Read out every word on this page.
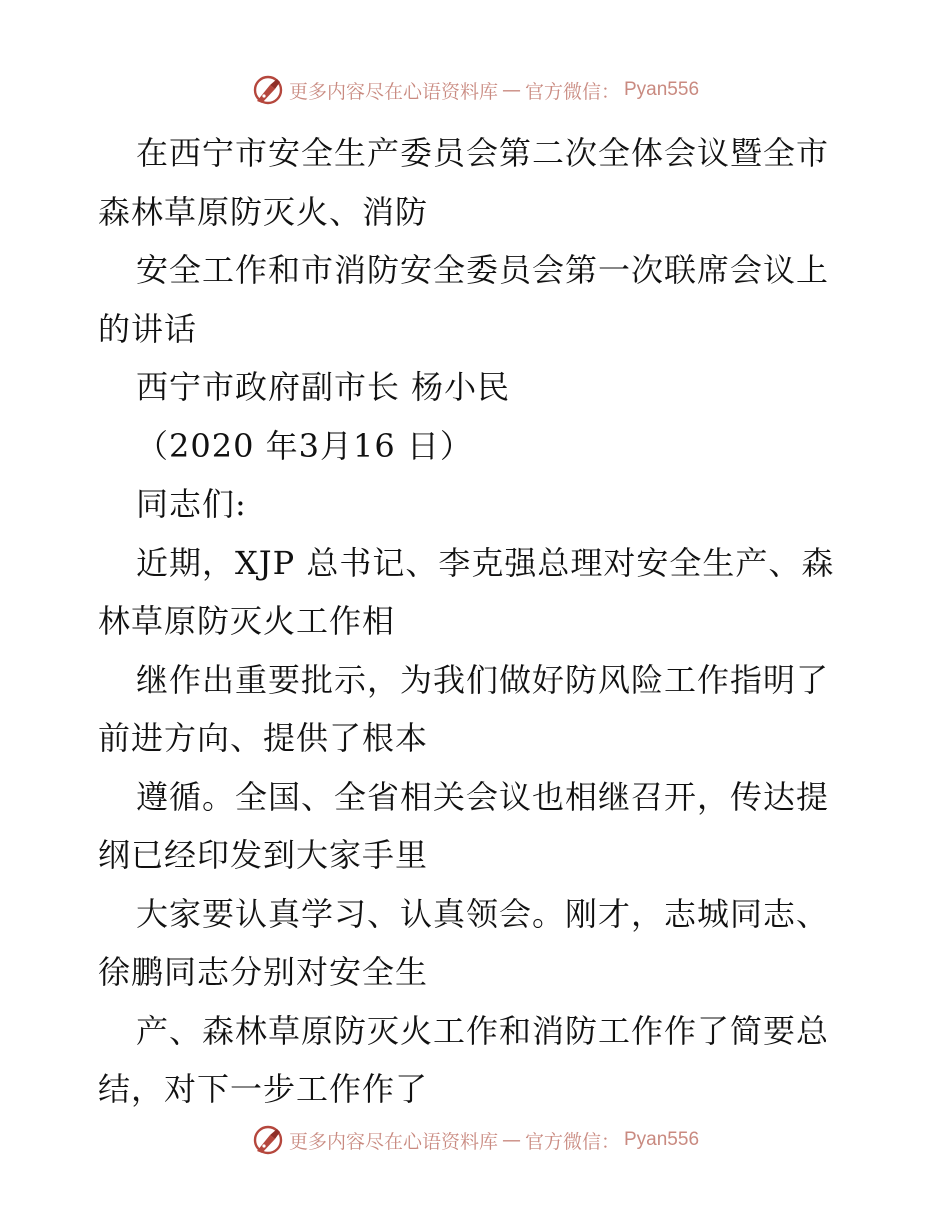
更多内容尽在心语资料库 — 官方微信： Pyan556

在西宁市安全生产委员会第二次全体会议暨全市森林草原防灭火、消防

安全工作和市消防安全委员会第一次联席会议上的讲话

西宁市政府副市长 杨小民

（2020 年3月16 日）

同志们:

近期，XJP 总书记、李克强总理对安全生产、森林草原防灭火工作相

继作出重要批示，为我们做好防风险工作指明了前进方向、提供了根本

遵循。全国、全省相关会议也相继召开，传达提纲已经印发到大家手里

大家要认真学习、认真领会。刚才，志城同志、徐鹏同志分别对安全生

产、森林草原防灭火工作和消防工作作了简要总结，对下一步工作作了

更多内容尽在心语资料库 — 官方微信： Pyan556
